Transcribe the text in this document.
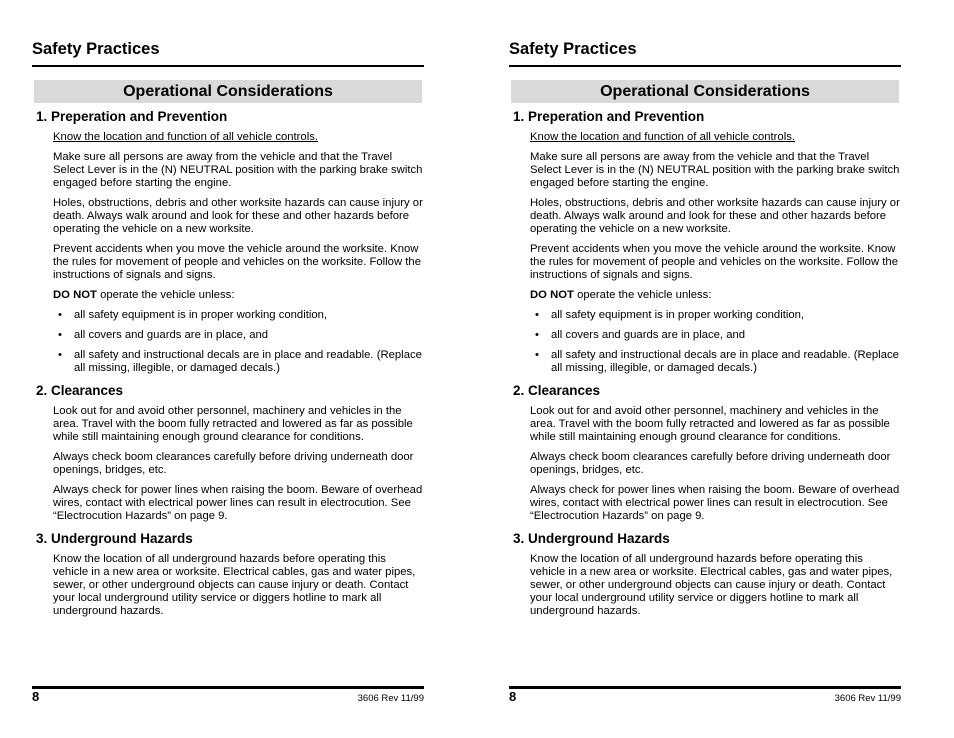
Safety Practices
Operational Considerations
1. Preperation and Prevention

Know the location and function of all vehicle controls.

Make sure all persons are away from the vehicle and that the Travel Select Lever is in the (N) NEUTRAL position with the parking brake switch engaged before starting the engine.

Holes, obstructions, debris and other worksite hazards can cause injury or death. Always walk around and look for these and other hazards before operating the vehicle on a new worksite.

Prevent accidents when you move the vehicle around the worksite. Know the rules for movement of people and vehicles on the worksite. Follow the instructions of signals and signs.

DO NOT operate the vehicle unless:

• all safety equipment is in proper working condition,
• all covers and guards are in place, and
• all safety and instructional decals are in place and readable. (Replace all missing, illegible, or damaged decals.)
2. Clearances

Look out for and avoid other personnel, machinery and vehicles in the area. Travel with the boom fully retracted and lowered as far as possible while still maintaining enough ground clearance for conditions.

Always check boom clearances carefully before driving underneath door openings, bridges, etc.

Always check for power lines when raising the boom. Beware of overhead wires, contact with electrical power lines can result in electrocution. See “Electrocution Hazards” on page 9.

3. Underground Hazards

Know the location of all underground hazards before operating this vehicle in a new area or worksite. Electrical cables, gas and water pipes, sewer, or other underground objects can cause injury or death. Contact your local underground utility service or diggers hotline to mark all underground hazards.

8	3606 Rev 11/99
Safety Practices
Operational Considerations
1. Preperation and Prevention

Know the location and function of all vehicle controls.

Make sure all persons are away from the vehicle and that the Travel Select Lever is in the (N) NEUTRAL position with the parking brake switch engaged before starting the engine.

Holes, obstructions, debris and other worksite hazards can cause injury or death. Always walk around and look for these and other hazards before operating the vehicle on a new worksite.

Prevent accidents when you move the vehicle around the worksite. Know the rules for movement of people and vehicles on the worksite. Follow the instructions of signals and signs.

DO NOT operate the vehicle unless:

• all safety equipment is in proper working condition,
• all covers and guards are in place, and
• all safety and instructional decals are in place and readable. (Replace all missing, illegible, or damaged decals.)
2. Clearances

Look out for and avoid other personnel, machinery and vehicles in the area. Travel with the boom fully retracted and lowered as far as possible while still maintaining enough ground clearance for conditions.

Always check boom clearances carefully before driving underneath door openings, bridges, etc.

Always check for power lines when raising the boom. Beware of overhead wires, contact with electrical power lines can result in electrocution. See “Electrocution Hazards” on page 9.

3. Underground Hazards

Know the location of all underground hazards before operating this vehicle in a new area or worksite. Electrical cables, gas and water pipes, sewer, or other underground objects can cause injury or death. Contact your local underground utility service or diggers hotline to mark all underground hazards.

8	3606 Rev 11/99
